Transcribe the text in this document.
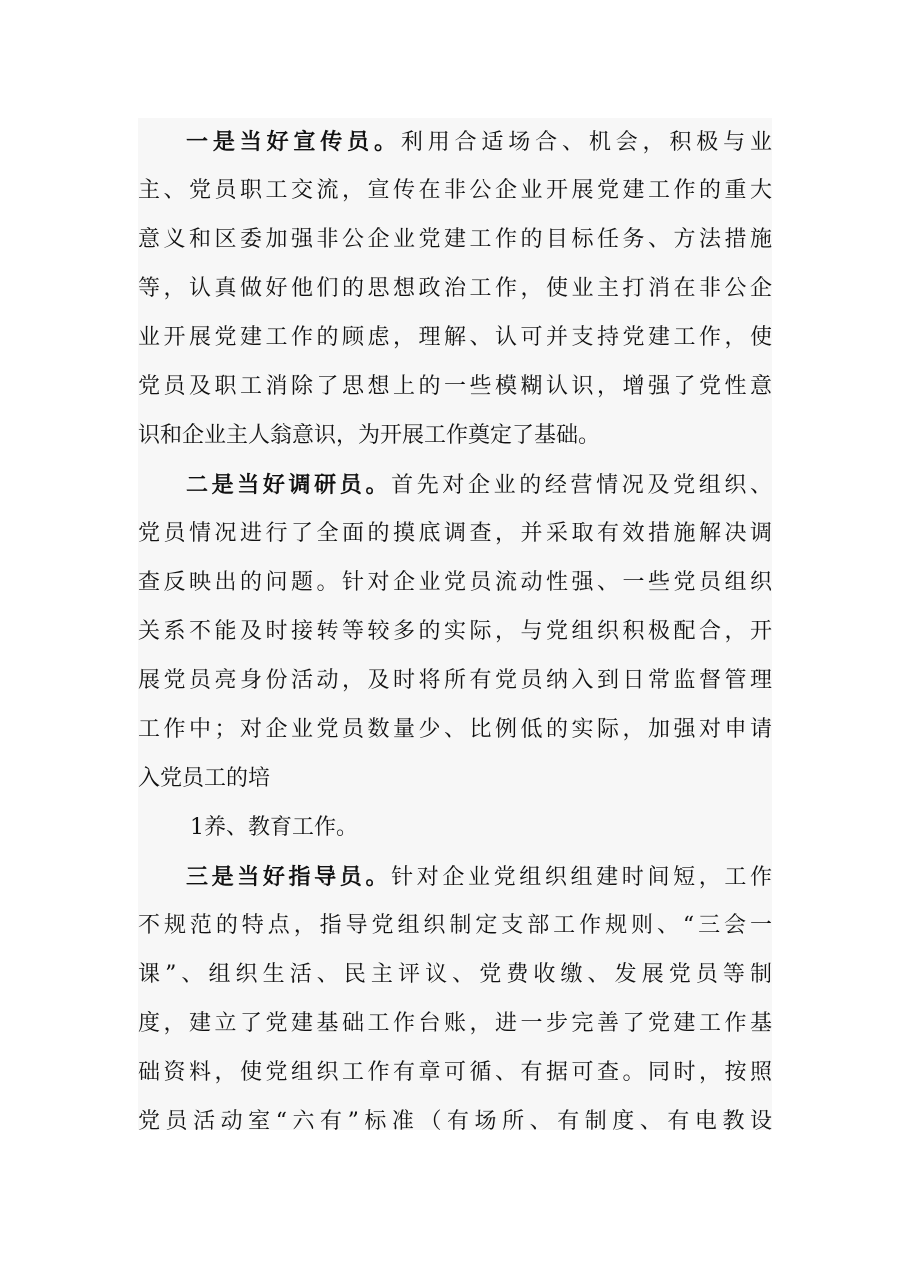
一是当好宣传员。利用合适场合、机会，积极与业
主、党员职工交流，宣传在非公企业开展党建工作的重大
意义和区委加强非公企业党建工作的目标任务、方法措施
等，认真做好他们的思想政治工作，使业主打消在非公企
业开展党建工作的顾虑，理解、认可并支持党建工作，使
党员及职工消除了思想上的一些模糊认识，增强了党性意
识和企业主人翁意识，为开展工作奠定了基础。
二是当好调研员。首先对企业的经营情况及党组织、
党员情况进行了全面的摸底调查，并采取有效措施解决调
查反映出的问题。针对企业党员流动性强、一些党员组织
关系不能及时接转等较多的实际，与党组织积极配合，开
展党员亮身份活动，及时将所有党员纳入到日常监督管理
工作中；对企业党员数量少、比例低的实际，加强对申请
入党员工的培
1养、教育工作。
三是当好指导员。针对企业党组织组建时间短，工作
不规范的特点，指导党组织制定支部工作规则、“三会一
课”、组织生活、民主评议、党费收缴、发展党员等制
度，建立了党建基础工作台账，进一步完善了党建工作基
础资料，使党组织工作有章可循、有据可查。同时，按照
党员活动室“六有”标准（有场所、有制度、有电教设
